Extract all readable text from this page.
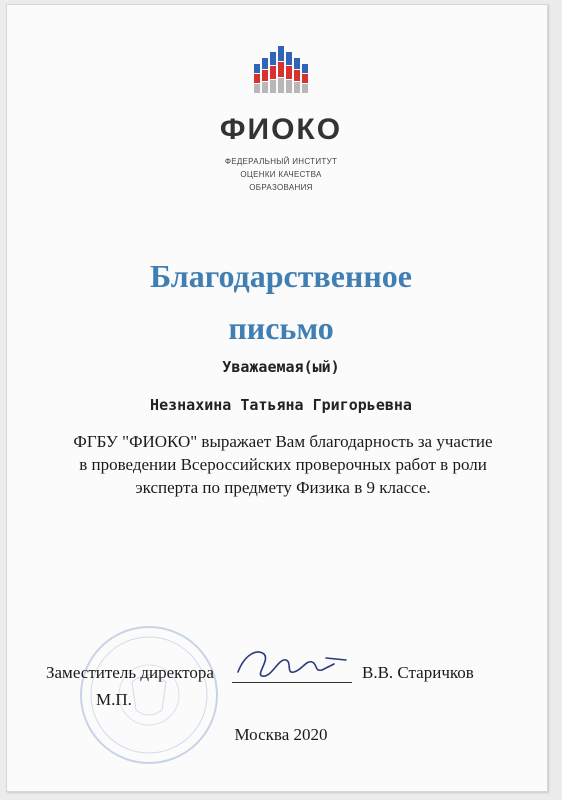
ФИОКО
ФЕДЕРАЛЬНЫЙ ИНСТИТУТ
ОЦЕНКИ КАЧЕСТВА
ОБРАЗОВАНИЯ
Благодарственное
письмо
Уважаемая(ый)
Незнахина Татьяна Григорьевна
ФГБУ "ФИОКО" выражает Вам благодарность за участие
в проведении Всероссийских проверочных работ в роли
эксперта по предмету Физика в 9 классе.
Заместитель директора	В.В. Старичков
М.П.
Москва 2020
